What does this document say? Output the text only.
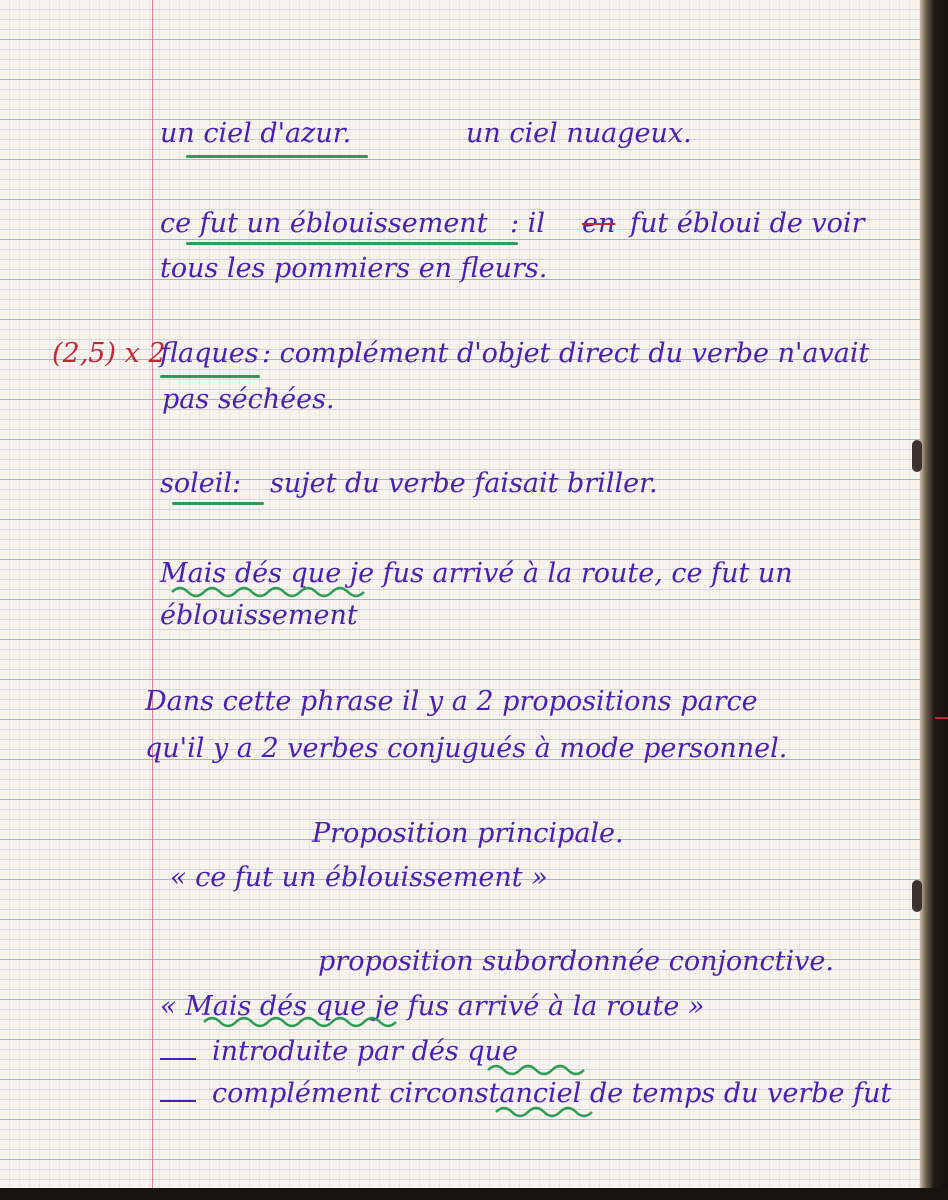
un ciel d'azur.	un ciel nuageux.
ce fut un éblouissement : il en fut ébloui de voir
tous les pommiers en fleurs.
(2,5) x 2
flaques : complément d'objet direct du verbe n'avait
pas séchées.
soleil: sujet du verbe faisait briller.
Mais dés que je fus arrivé à la route, ce fut un
éblouissement
Dans cette phrase il y a 2 propositions parce
qu'il y a 2 verbes conjugués à mode personnel.
Proposition principale.
« ce fut un éblouissement »
proposition subordonnée conjonctive.
« Mais dés que je fus arrivé à la route »
introduite par dés que
complément circonstanciel de temps du verbe fut
